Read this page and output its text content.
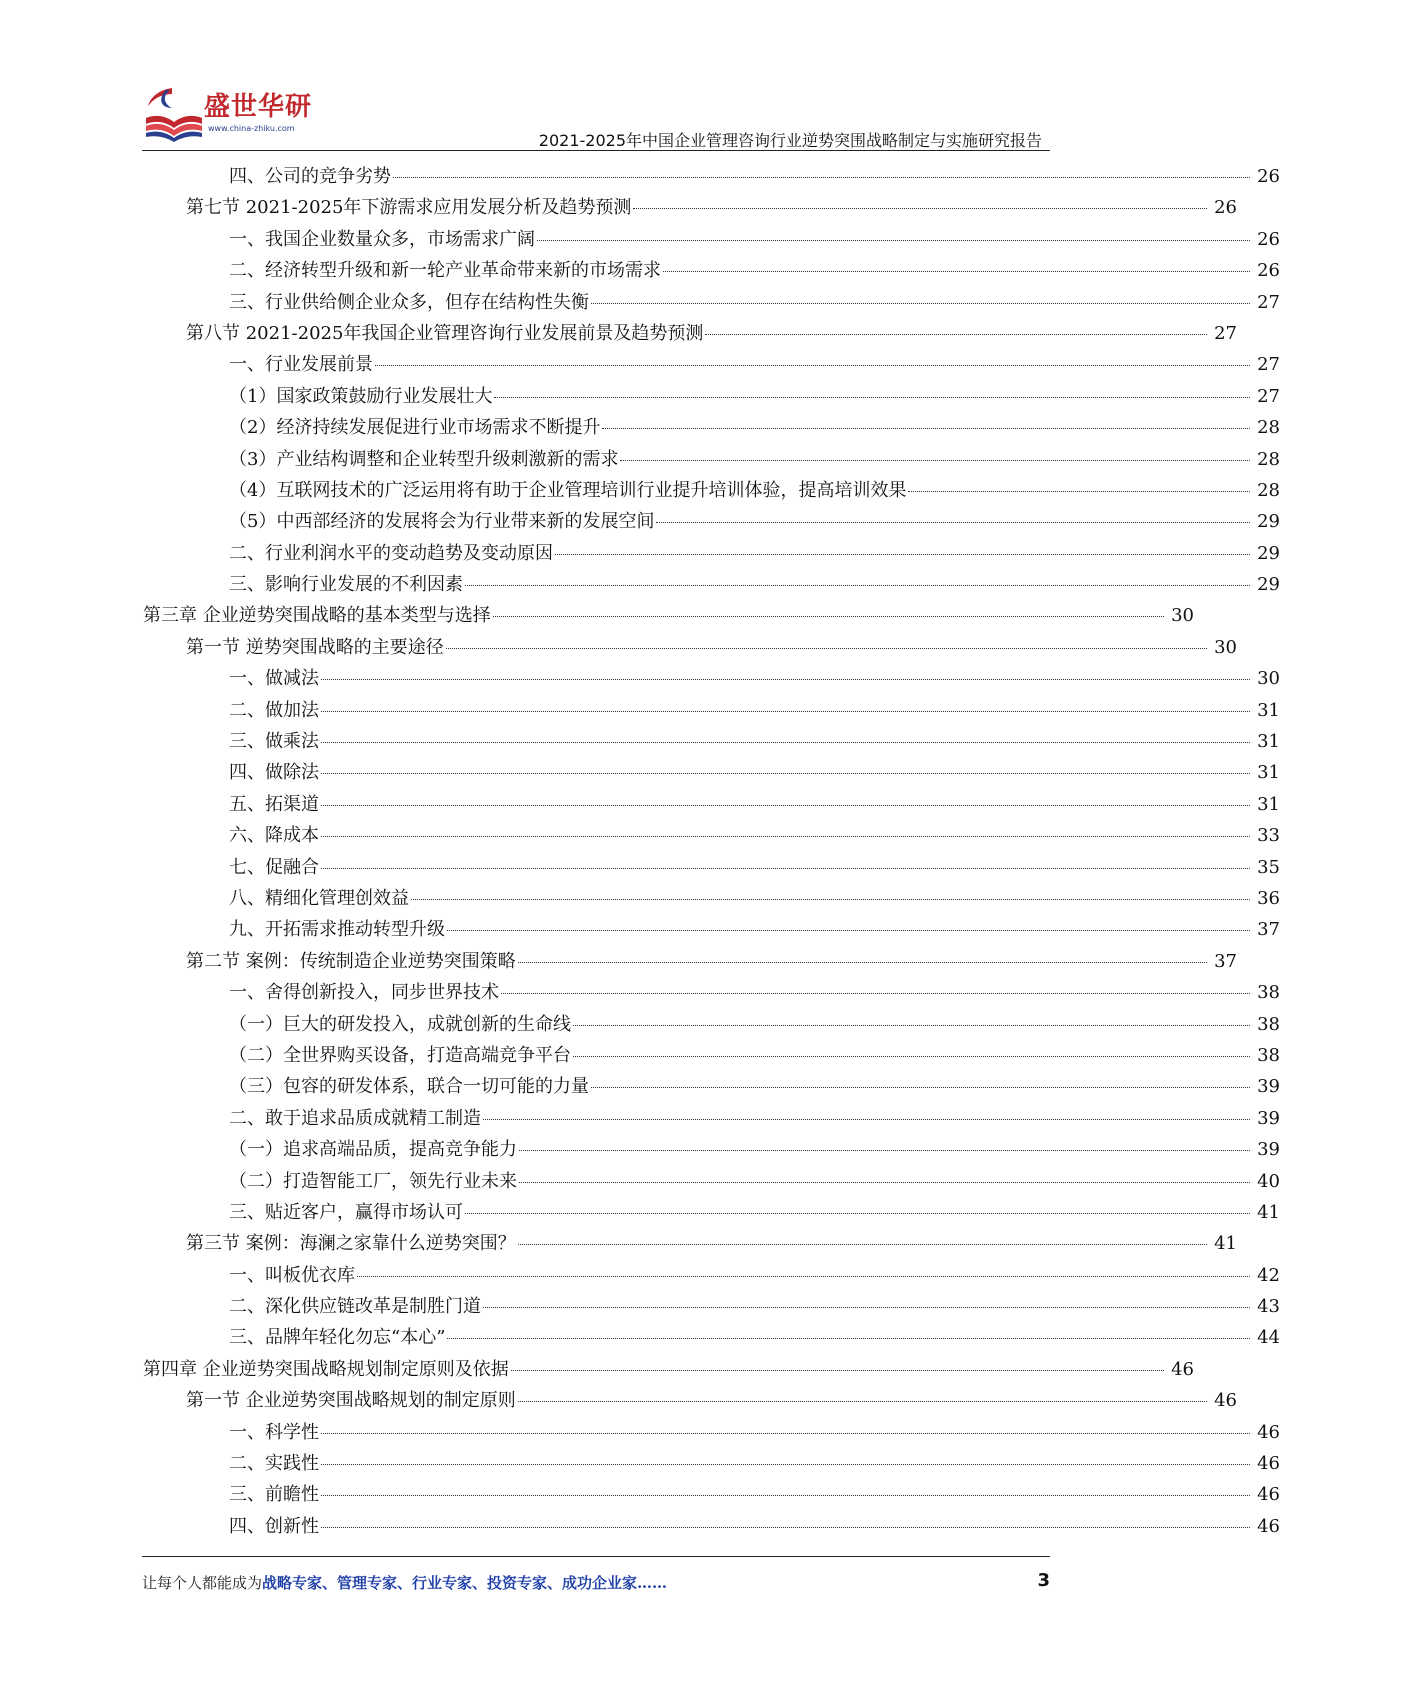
盛世华研
www.china-zhiku.com
2021-2025年中国企业管理咨询行业逆势突围战略制定与实施研究报告
四、公司的竞争劣势	26
第七节 2021-2025年下游需求应用发展分析及趋势预测	26
一、我国企业数量众多，市场需求广阔	26
二、经济转型升级和新一轮产业革命带来新的市场需求	26
三、行业供给侧企业众多，但存在结构性失衡	27
第八节 2021-2025年我国企业管理咨询行业发展前景及趋势预测	27
一、行业发展前景	27
（1）国家政策鼓励行业发展壮大	27
（2）经济持续发展促进行业市场需求不断提升	28
（3）产业结构调整和企业转型升级刺激新的需求	28
（4）互联网技术的广泛运用将有助于企业管理培训行业提升培训体验，提高培训效果	28
（5）中西部经济的发展将会为行业带来新的发展空间	29
二、行业利润水平的变动趋势及变动原因	29
三、影响行业发展的不利因素	29
第三章 企业逆势突围战略的基本类型与选择	30
第一节 逆势突围战略的主要途径	30
一、做减法	30
二、做加法	31
三、做乘法	31
四、做除法	31
五、拓渠道	31
六、降成本	33
七、促融合	35
八、精细化管理创效益	36
九、开拓需求推动转型升级	37
第二节 案例：传统制造企业逆势突围策略	37
一、舍得创新投入，同步世界技术	38
（一）巨大的研发投入，成就创新的生命线	38
（二）全世界购买设备，打造高端竞争平台	38
（三）包容的研发体系，联合一切可能的力量	39
二、敢于追求品质成就精工制造	39
（一）追求高端品质，提高竞争能力	39
（二）打造智能工厂，领先行业未来	40
三、贴近客户，赢得市场认可	41
第三节 案例：海澜之家靠什么逆势突围？	41
一、叫板优衣库	42
二、深化供应链改革是制胜门道	43
三、品牌年轻化勿忘“本心”	44
第四章 企业逆势突围战略规划制定原则及依据	46
第一节 企业逆势突围战略规划的制定原则	46
一、科学性	46
二、实践性	46
三、前瞻性	46
四、创新性	46
让每个人都能成为战略专家、管理专家、行业专家、投资专家、成功企业家……	3
